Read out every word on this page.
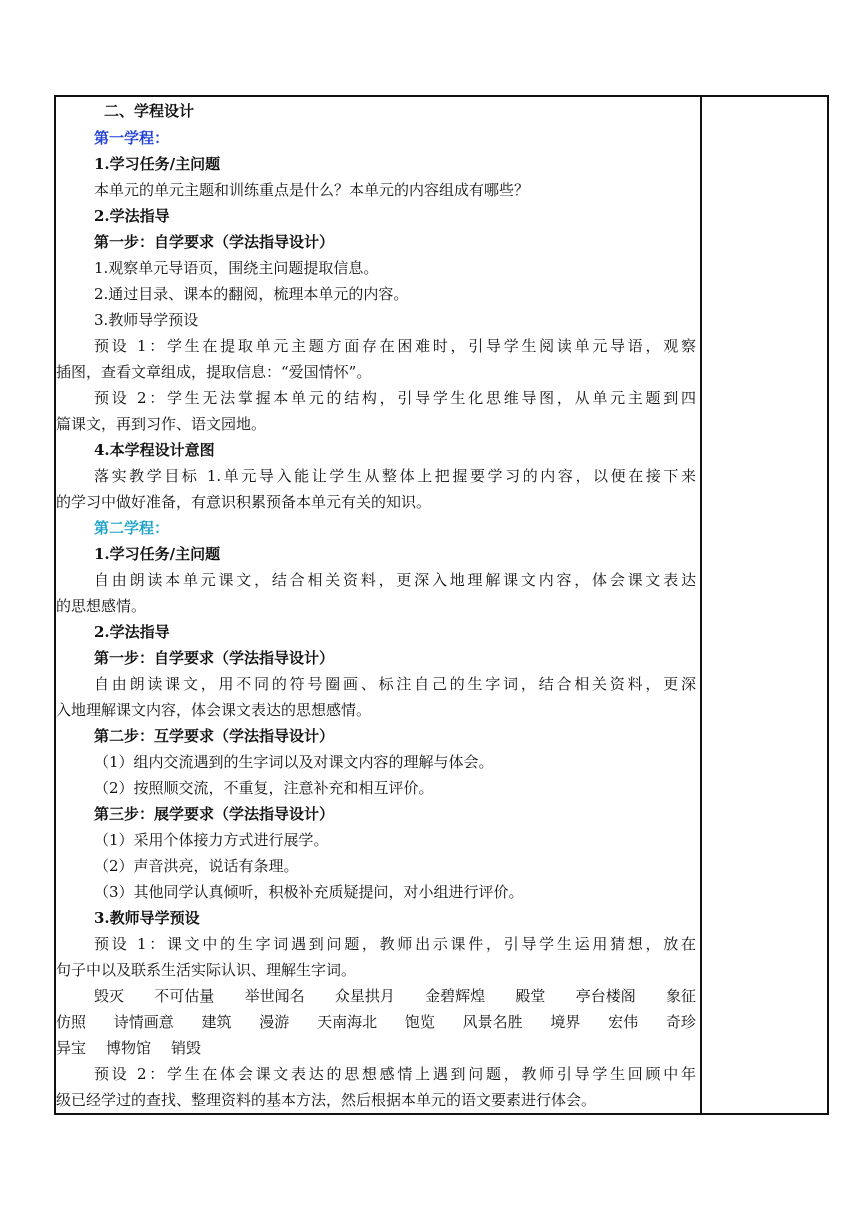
二、学程设计
第一学程：
1.学习任务/主问题
本单元的单元主题和训练重点是什么？本单元的内容组成有哪些？
2.学法指导
第一步：自学要求（学法指导设计）
1.观察单元导语页，围绕主问题提取信息。
2.通过目录、课本的翻阅，梳理本单元的内容。
3.教师导学预设
预设 1：学生在提取单元主题方面存在困难时，引导学生阅读单元导语，观察
插图，查看文章组成，提取信息：“爱国情怀”。
预设 2：学生无法掌握本单元的结构，引导学生化思维导图，从单元主题到四
篇课文，再到习作、语文园地。
4.本学程设计意图
落实教学目标 1.单元导入能让学生从整体上把握要学习的内容，以便在接下来
的学习中做好准备，有意识积累预备本单元有关的知识。
第二学程：
1.学习任务/主问题
自由朗读本单元课文，结合相关资料，更深入地理解课文内容，体会课文表达
的思想感情。
2.学法指导
第一步：自学要求（学法指导设计）
自由朗读课文，用不同的符号圈画、标注自己的生字词，结合相关资料，更深
入地理解课文内容，体会课文表达的思想感情。
第二步：互学要求（学法指导设计）
（1）组内交流遇到的生字词以及对课文内容的理解与体会。
（2）按照顺交流，不重复，注意补充和相互评价。
第三步：展学要求（学法指导设计）
（1）采用个体接力方式进行展学。
（2）声音洪亮，说话有条理。
（3）其他同学认真倾听，积极补充质疑提问，对小组进行评价。
3.教师导学预设
预设 1：课文中的生字词遇到问题，教师出示课件，引导学生运用猜想，放在
句子中以及联系生活实际认识、理解生字词。
毁灭 不可估量 举世闻名 众星拱月 金碧辉煌 殿堂 亭台楼阁 象征
仿照 诗情画意 建筑 漫游 天南海北 饱览 风景名胜 境界 宏伟 奇珍
异宝 博物馆 销毁
预设 2：学生在体会课文表达的思想感情上遇到问题，教师引导学生回顾中年
级已经学过的查找、整理资料的基本方法，然后根据本单元的语文要素进行体会。
